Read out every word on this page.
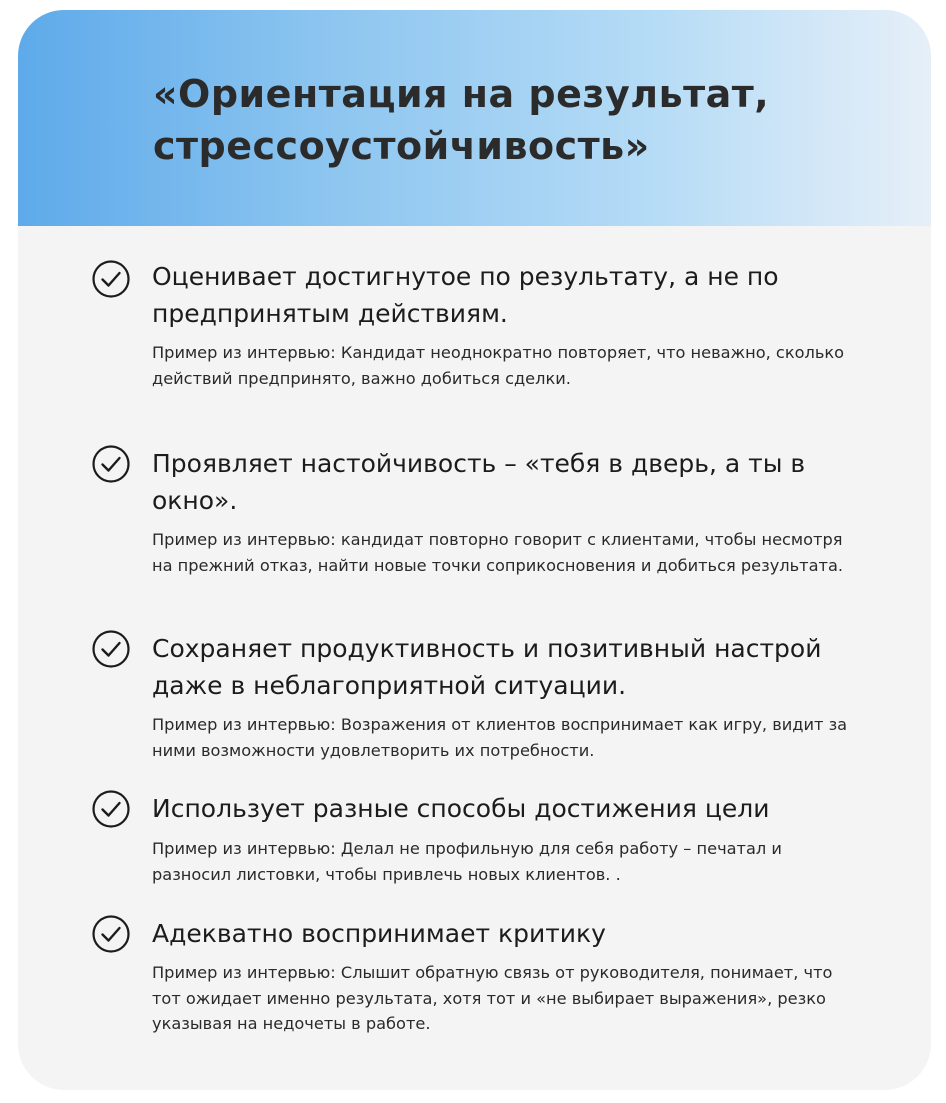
«Ориентация на результат, стрессоустойчивость»

Оценивает достигнутое по результату, а не по предпринятым действиям.

Пример из интервью: Кандидат неоднократно повторяет, что неважно, сколько действий предпринято, важно добиться сделки.

Проявляет настойчивость – «тебя в дверь, а ты в окно».

Пример из интервью: кандидат повторно говорит с клиентами, чтобы несмотря на прежний отказ, найти новые точки соприкосновения и добиться результата.

Сохраняет продуктивность и позитивный настрой даже в неблагоприятной ситуации.

Пример из интервью: Возражения от клиентов воспринимает как игру, видит за ними возможности удовлетворить их потребности.

Использует разные способы достижения цели

Пример из интервью: Делал не профильную для себя работу – печатал и разносил листовки, чтобы привлечь новых клиентов. .

Адекватно воспринимает критику

Пример из интервью: Слышит обратную связь от руководителя, понимает, что тот ожидает именно результата, хотя тот и «не выбирает выражения», резко указывая на недочеты в работе.
